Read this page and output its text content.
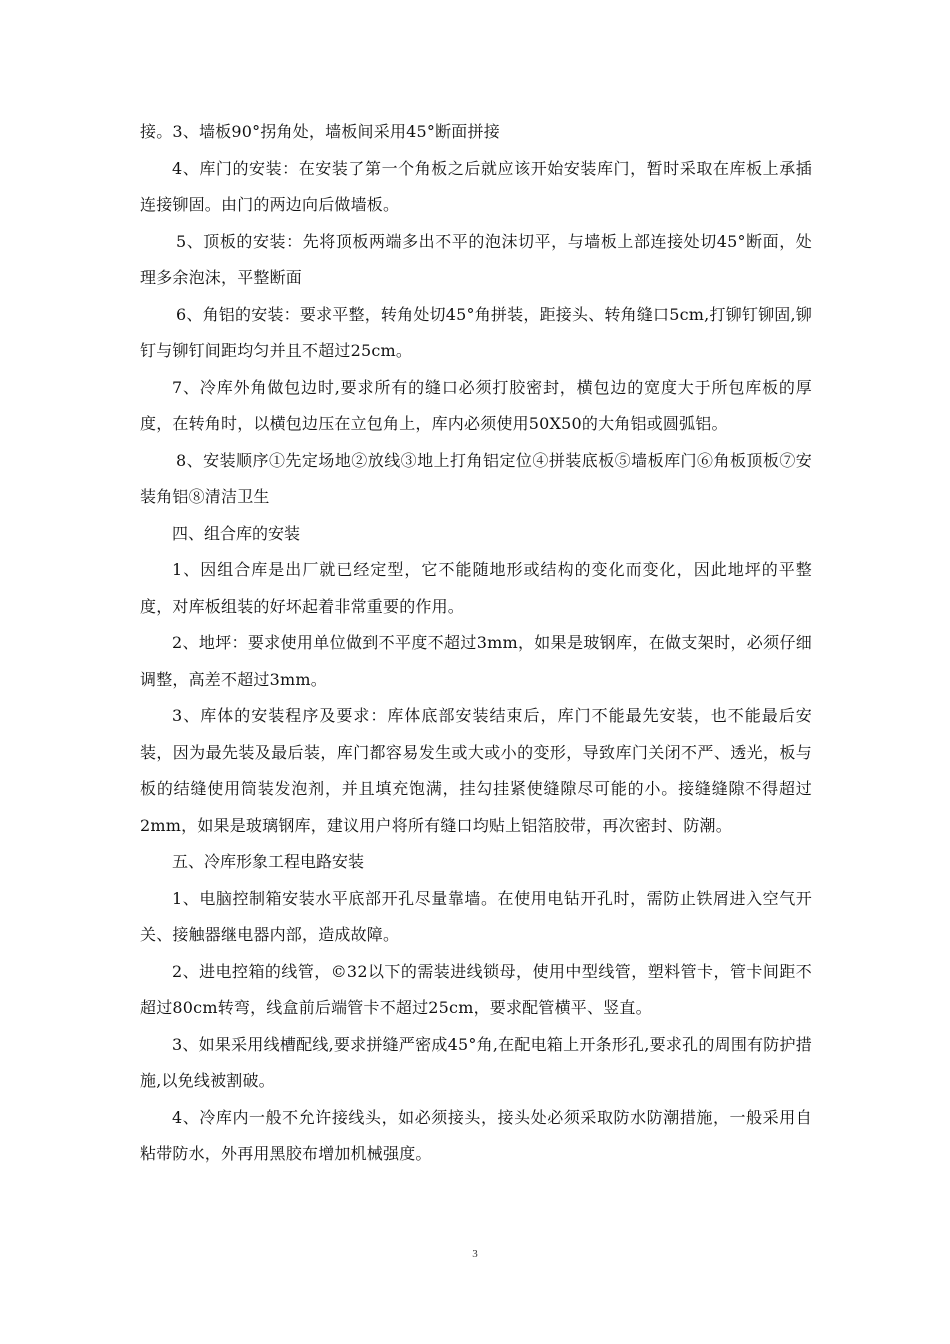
接。3、墙板90°拐角处，墙板间采用45°断面拼接

4、库门的安装：在安装了第一个角板之后就应该开始安装库门，暂时采取在库板上承插连接铆固。由门的两边向后做墙板。

5、顶板的安装：先将顶板两端多出不平的泡沫切平，与墙板上部连接处切45°断面，处理多余泡沫，平整断面

6、角铝的安装：要求平整，转角处切45°角拼装，距接头、转角缝口5cm,打铆钉铆固,铆钉与铆钉间距均匀并且不超过25cm。

7、冷库外角做包边时,要求所有的缝口必须打胶密封，横包边的宽度大于所包库板的厚度，在转角时，以横包边压在立包角上，库内必须使用50X50的大角铝或圆弧铝。

8、安装顺序①先定场地②放线③地上打角铝定位④拼装底板⑤墙板库门⑥角板顶板⑦安装角铝⑧清洁卫生

四、组合库的安装

1、因组合库是出厂就已经定型，它不能随地形或结构的变化而变化，因此地坪的平整度，对库板组装的好坏起着非常重要的作用。

2、地坪：要求使用单位做到不平度不超过3mm，如果是玻钢库，在做支架时，必须仔细调整，高差不超过3mm。

3、库体的安装程序及要求：库体底部安装结束后，库门不能最先安装，也不能最后安装，因为最先装及最后装，库门都容易发生或大或小的变形，导致库门关闭不严、透光，板与板的结缝使用筒装发泡剂，并且填充饱满，挂勾挂紧使缝隙尽可能的小。接缝缝隙不得超过2mm，如果是玻璃钢库，建议用户将所有缝口均贴上铝箔胶带，再次密封、防潮。

五、冷库形象工程电路安装

1、电脑控制箱安装水平底部开孔尽量靠墙。在使用电钻开孔时，需防止铁屑进入空气开关、接触器继电器内部，造成故障。

2、进电控箱的线管，©32以下的需装进线锁母，使用中型线管，塑料管卡，管卡间距不超过80cm转弯，线盒前后端管卡不超过25cm，要求配管横平、竖直。

3、如果采用线槽配线,要求拼缝严密成45°角,在配电箱上开条形孔,要求孔的周围有防护措施,以免线被割破。

4、冷库内一般不允许接线头，如必须接头，接头处必须采取防水防潮措施，一般采用自粘带防水，外再用黑胶布增加机械强度。

3
